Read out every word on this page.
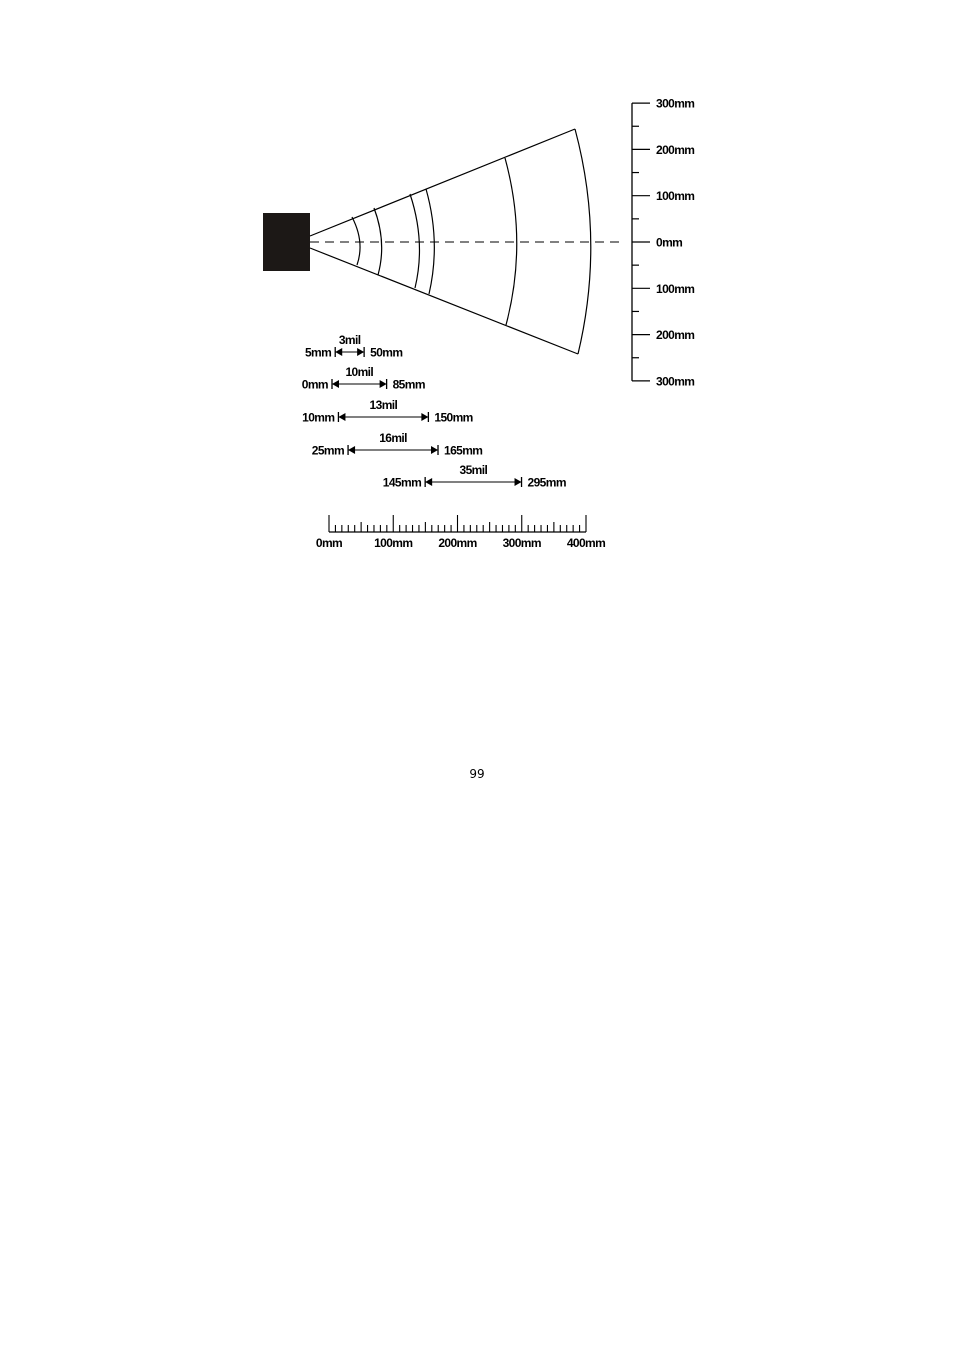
300mm
200mm
100mm
0mm
100mm
200mm
300mm
5mm	50mm
3mil
0mm	85mm
10mil
10mm	150mm
13mil
25mm	165mm
16mil
145mm	295mm
35mil
0mm	100mm 200mm 300mm 400mm
99
